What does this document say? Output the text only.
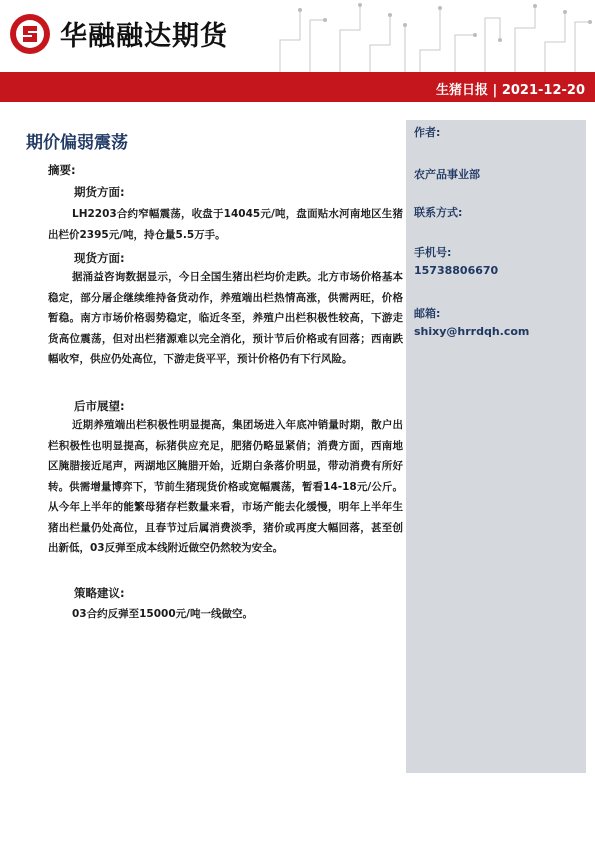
华融融达期货
生猪日报 | 2021-12-20
作者:
农产品事业部
联系方式:
手机号:
15738806670
邮箱:
shixy@hrrdqh.com
期价偏弱震荡
摘要:
期货方面:
LH2203合约窄幅震荡，收盘于14045元/吨，盘面贴水河南地区生猪出栏价2395元/吨，持仓量5.5万手。
现货方面:
据涌益咨询数据显示，今日全国生猪出栏均价走跌。北方市场价格基本稳定，部分屠企继续维持备货动作，养殖端出栏热情高涨，供需两旺，价格暂稳。南方市场价格弱势稳定，临近冬至，养殖户出栏积极性较高，下游走货高位震荡，但对出栏猪源难以完全消化，预计节后价格或有回落；西南跌幅收窄，供应仍处高位，下游走货平平，预计价格仍有下行风险。
后市展望:
近期养殖端出栏积极性明显提高，集团场进入年底冲销量时期，散户出栏积极性也明显提高，标猪供应充足，肥猪仍略显紧俏；消费方面，西南地区腌腊接近尾声，两湖地区腌腊开始，近期白条落价明显，带动消费有所好转。供需增量博弈下，节前生猪现货价格或宽幅震荡，暂看14-18元/公斤。从今年上半年的能繁母猪存栏数量来看，市场产能去化缓慢，明年上半年生猪出栏量仍处高位，且春节过后属消费淡季，猪价或再度大幅回落，甚至创出新低，03反弹至成本线附近做空仍然较为安全。
策略建议:
03合约反弹至15000元/吨一线做空。
